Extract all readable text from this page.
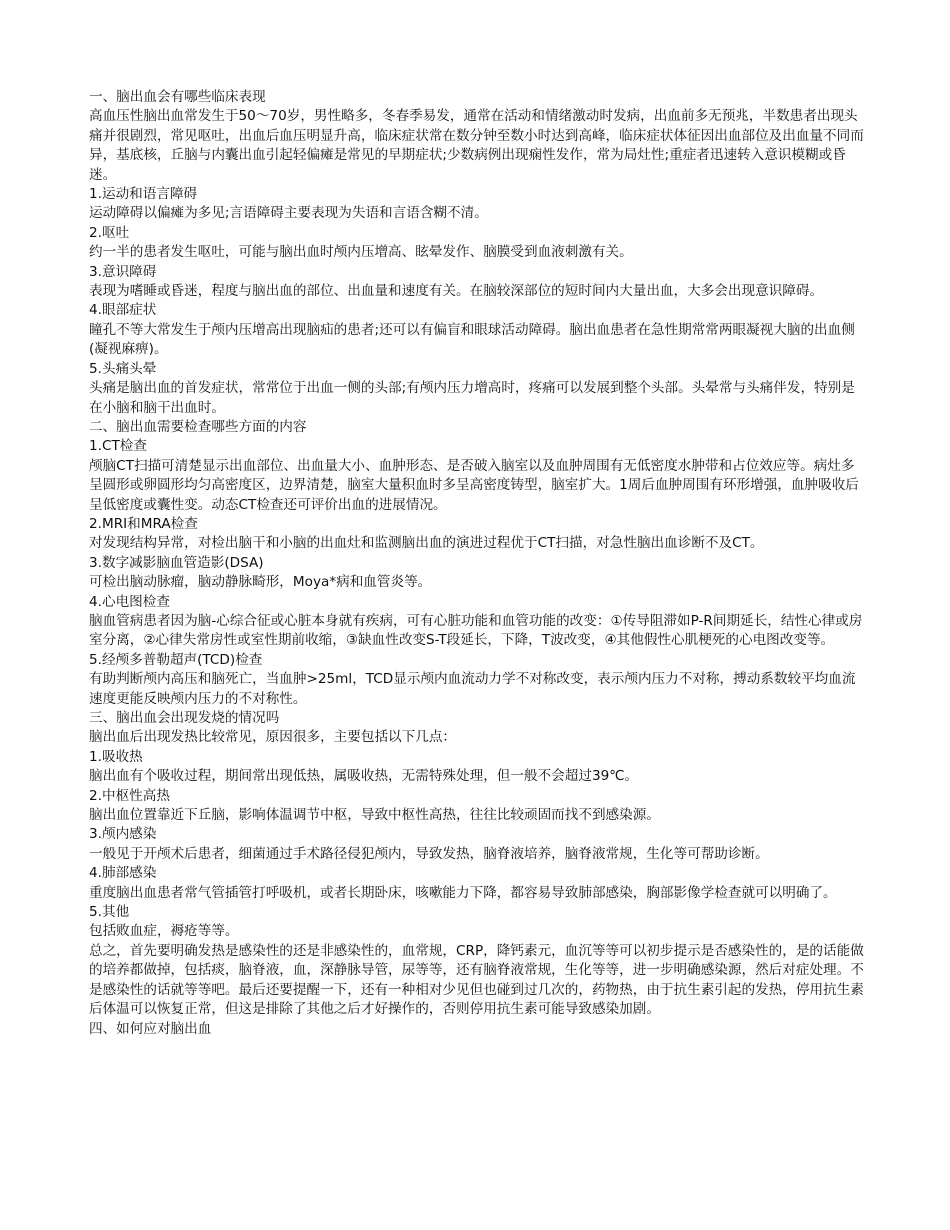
一、脑出血会有哪些临床表现

高血压性脑出血常发生于50～70岁，男性略多，冬春季易发，通常在活动和情绪激动时发病，出血前多无预兆，半数患者出现头痛并很剧烈，常见呕吐，出血后血压明显升高，临床症状常在数分钟至数小时达到高峰，临床症状体征因出血部位及出血量不同而异，基底核，丘脑与内囊出血引起轻偏瘫是常见的早期症状;少数病例出现痫性发作，常为局灶性;重症者迅速转入意识模糊或昏迷。

1.运动和语言障碍

运动障碍以偏瘫为多见;言语障碍主要表现为失语和言语含糊不清。

2.呕吐

约一半的患者发生呕吐，可能与脑出血时颅内压增高、眩晕发作、脑膜受到血液刺激有关。

3.意识障碍

表现为嗜睡或昏迷，程度与脑出血的部位、出血量和速度有关。在脑较深部位的短时间内大量出血，大多会出现意识障碍。

4.眼部症状

瞳孔不等大常发生于颅内压增高出现脑疝的患者;还可以有偏盲和眼球活动障碍。脑出血患者在急性期常常两眼凝视大脑的出血侧(凝视麻痹)。

5.头痛头晕

头痛是脑出血的首发症状，常常位于出血一侧的头部;有颅内压力增高时，疼痛可以发展到整个头部。头晕常与头痛伴发，特别是在小脑和脑干出血时。

二、脑出血需要检查哪些方面的内容

1.CT检查

颅脑CT扫描可清楚显示出血部位、出血量大小、血肿形态、是否破入脑室以及血肿周围有无低密度水肿带和占位效应等。病灶多呈圆形或卵圆形均匀高密度区，边界清楚，脑室大量积血时多呈高密度铸型，脑室扩大。1周后血肿周围有环形增强，血肿吸收后呈低密度或囊性变。动态CT检查还可评价出血的进展情况。

2.MRI和MRA检查

对发现结构异常，对检出脑干和小脑的出血灶和监测脑出血的演进过程优于CT扫描，对急性脑出血诊断不及CT。

3.数字减影脑血管造影(DSA)

可检出脑动脉瘤，脑动静脉畸形，Moya*病和血管炎等。

4.心电图检查

脑血管病患者因为脑-心综合征或心脏本身就有疾病，可有心脏功能和血管功能的改变：①传导阻滞如P-R间期延长，结性心律或房室分离，②心律失常房性或室性期前收缩，③缺血性改变S-T段延长，下降，T波改变，④其他假性心肌梗死的心电图改变等。

5.经颅多普勒超声(TCD)检查

有助判断颅内高压和脑死亡，当血肿>25ml，TCD显示颅内血流动力学不对称改变，表示颅内压力不对称，搏动系数较平均血流速度更能反映颅内压力的不对称性。

三、脑出血会出现发烧的情况吗

脑出血后出现发热比较常见，原因很多，主要包括以下几点：

1.吸收热

脑出血有个吸收过程，期间常出现低热，属吸收热，无需特殊处理，但一般不会超过39℃。

2.中枢性高热

脑出血位置靠近下丘脑，影响体温调节中枢，导致中枢性高热，往往比较顽固而找不到感染源。

3.颅内感染

一般见于开颅术后患者，细菌通过手术路径侵犯颅内，导致发热，脑脊液培养，脑脊液常规，生化等可帮助诊断。

4.肺部感染

重度脑出血患者常气管插管打呼吸机，或者长期卧床，咳嗽能力下降，都容易导致肺部感染，胸部影像学检查就可以明确了。

5.其他

包括败血症，褥疮等等。

总之，首先要明确发热是感染性的还是非感染性的，血常规，CRP，降钙素元，血沉等等可以初步提示是否感染性的，是的话能做的培养都做掉，包括痰，脑脊液，血，深静脉导管，尿等等，还有脑脊液常规，生化等等，进一步明确感染源，然后对症处理。不是感染性的话就等等吧。最后还要提醒一下，还有一种相对少见但也碰到过几次的，药物热，由于抗生素引起的发热，停用抗生素后体温可以恢复正常，但这是排除了其他之后才好操作的，否则停用抗生素可能导致感染加剧。

四、如何应对脑出血
